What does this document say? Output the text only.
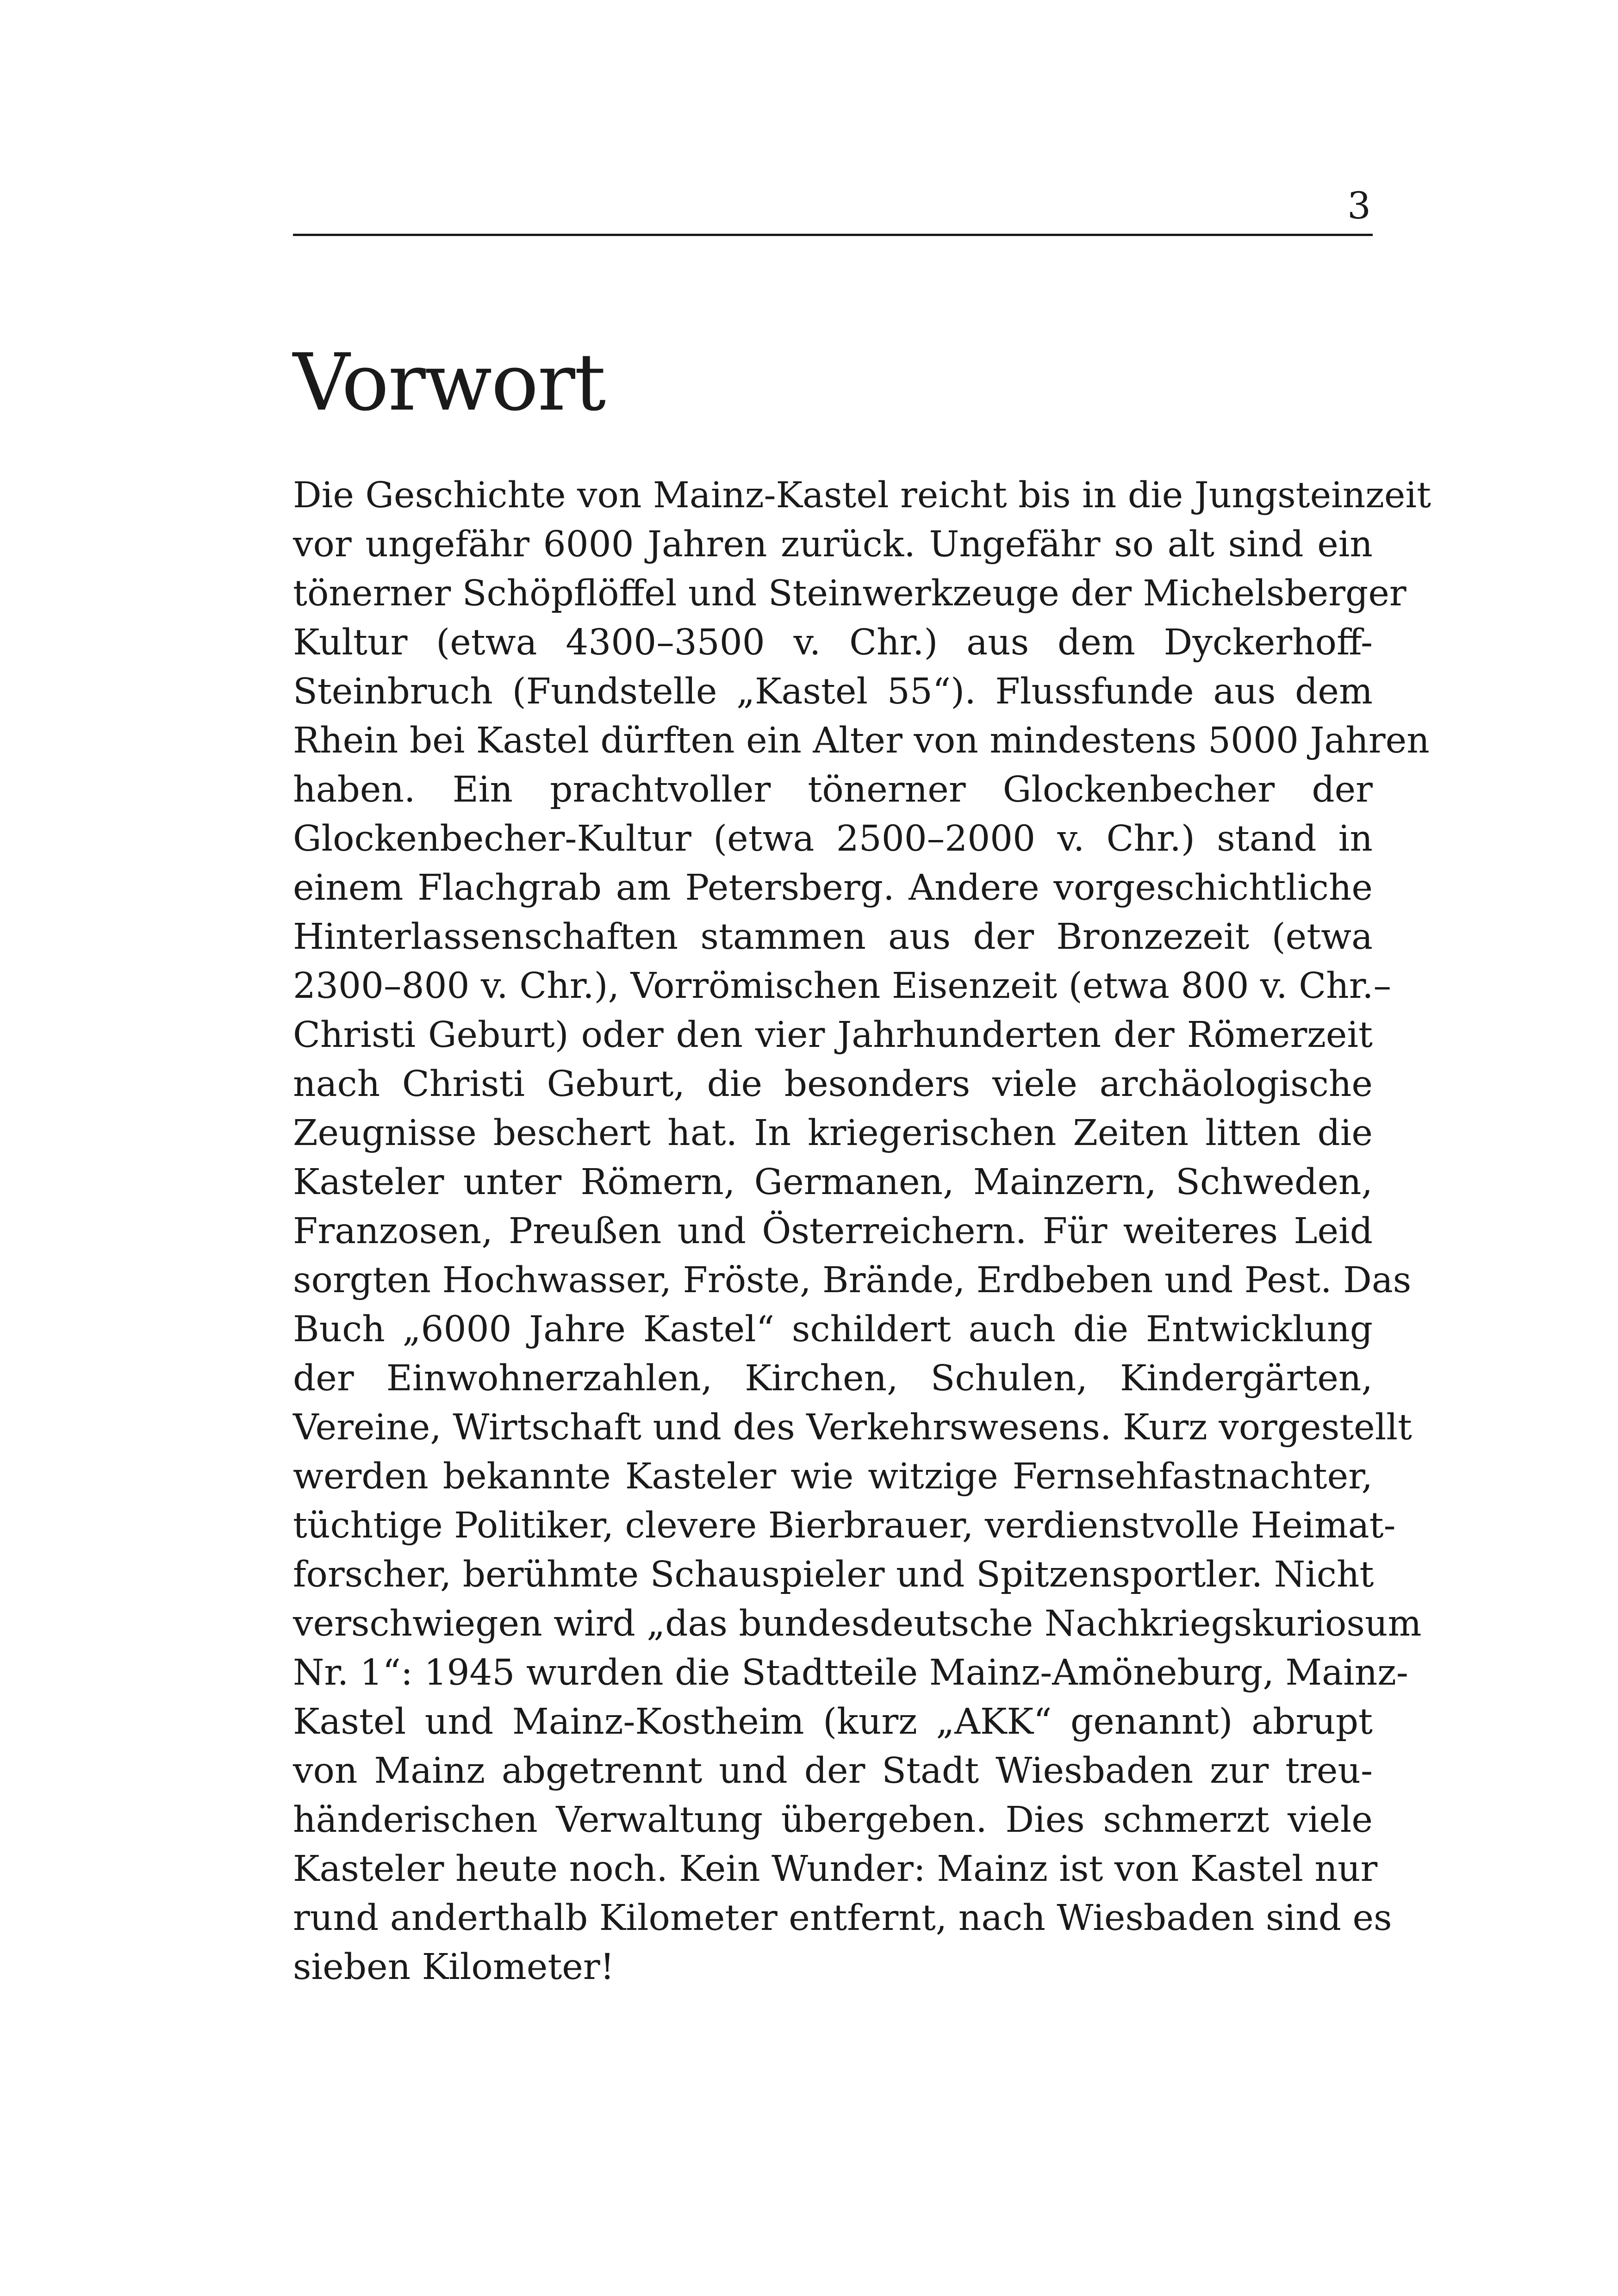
3
Vorwort
Die Geschichte von Mainz-Kastel reicht bis in die Jungsteinzeit
vor ungefähr 6000 Jahren zurück. Ungefähr so alt sind ein
tönerner Schöpflöffel und Steinwerkzeuge der Michelsberger
Kultur (etwa 4300–3500 v. Chr.) aus dem Dyckerhoff-
Steinbruch (Fundstelle „Kastel 55“). Flussfunde aus dem
Rhein bei Kastel dürften ein Alter von mindestens 5000 Jahren
haben. Ein prachtvoller tönerner Glockenbecher der
Glockenbecher-Kultur (etwa 2500–2000 v. Chr.) stand in
einem Flachgrab am Petersberg. Andere vorgeschichtliche
Hinterlassenschaften stammen aus der Bronzezeit (etwa
2300–800 v. Chr.), Vorrömischen Eisenzeit (etwa 800 v. Chr.–
Christi Geburt) oder den vier Jahrhunderten der Römerzeit
nach Christi Geburt, die besonders viele archäologische
Zeugnisse beschert hat. In kriegerischen Zeiten litten die
Kasteler unter Römern, Germanen, Mainzern, Schweden,
Franzosen, Preußen und Österreichern. Für weiteres Leid
sorgten Hochwasser, Fröste, Brände, Erdbeben und Pest. Das
Buch „6000 Jahre Kastel“ schildert auch die Entwicklung
der Einwohnerzahlen, Kirchen, Schulen, Kindergärten,
Vereine, Wirtschaft und des Verkehrswesens. Kurz vorgestellt
werden bekannte Kasteler wie witzige Fernsehfastnachter,
tüchtige Politiker, clevere Bierbrauer, verdienstvolle Heimat-
forscher, berühmte Schauspieler und Spitzensportler. Nicht
verschwiegen wird „das bundesdeutsche Nachkriegskuriosum
Nr. 1“: 1945 wurden die Stadtteile Mainz-Amöneburg, Mainz-
Kastel und Mainz-Kostheim (kurz „AKK“ genannt) abrupt
von Mainz abgetrennt und der Stadt Wiesbaden zur treu-
händerischen Verwaltung übergeben. Dies schmerzt viele
Kasteler heute noch. Kein Wunder: Mainz ist von Kastel nur
rund anderthalb Kilometer entfernt, nach Wiesbaden sind es
sieben Kilometer!
